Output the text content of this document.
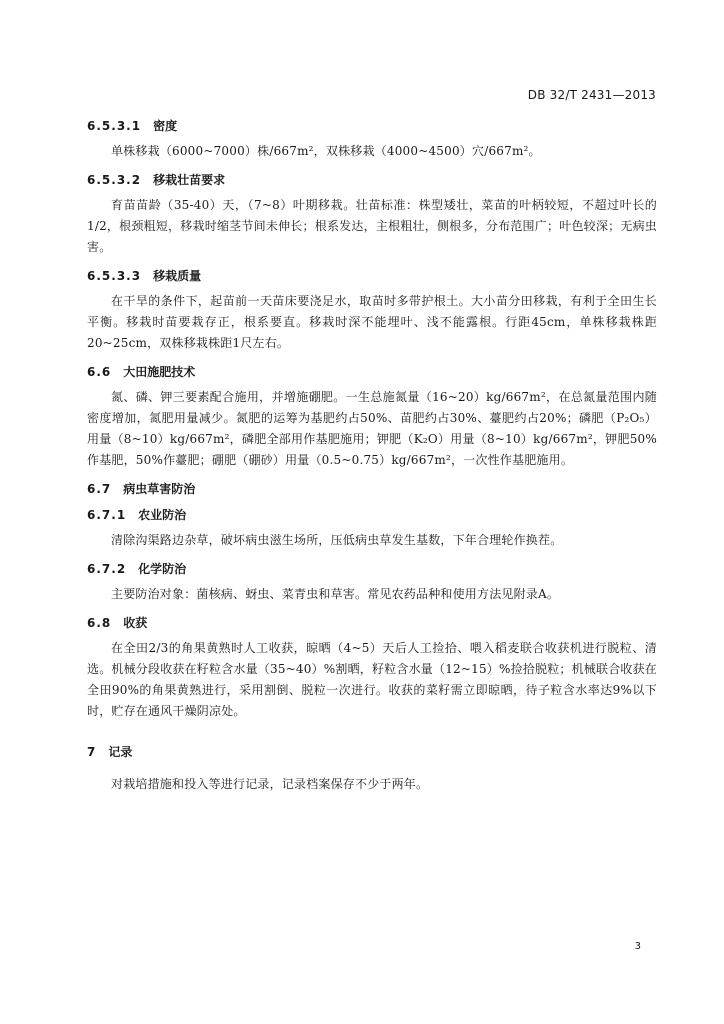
DB 32/T 2431—2013

6.5.3.1 密度

单株移栽（6000~7000）株/667m²，双株移栽（4000~4500）穴/667m²。

6.5.3.2 移栽壮苗要求

育苗苗龄（35-40）天，（7~8）叶期移栽。壮苗标准：株型矮壮，菜苗的叶柄较短，不超过叶长的1/2，根颈粗短，移栽时缩茎节间未伸长；根系发达，主根粗壮，侧根多，分布范围广；叶色较深；无病虫害。

6.5.3.3 移栽质量

在干旱的条件下，起苗前一天苗床要浇足水，取苗时多带护根土。大小苗分田移栽，有利于全田生长平衡。移栽时苗要栽存正，根系要直。移栽时深不能埋叶、浅不能露根。行距45cm，单株移栽株距20~25cm，双株移栽株距1尺左右。

6.6 大田施肥技术

氮、磷、钾三要素配合施用，并增施硼肥。一生总施氮量（16~20）kg/667m²，在总氮量范围内随密度增加，氮肥用量减少。氮肥的运筹为基肥约占50%、苗肥约占30%、薹肥约占20%；磷肥（P₂O₅）用量（8~10）kg/667m²，磷肥全部用作基肥施用；钾肥（K₂O）用量（8~10）kg/667m²，钾肥50%作基肥，50%作薹肥；硼肥（硼砂）用量（0.5~0.75）kg/667m²，一次性作基肥施用。

6.7 病虫草害防治

6.7.1 农业防治

清除沟渠路边杂草，破坏病虫滋生场所，压低病虫草发生基数，下年合理轮作换茬。

6.7.2 化学防治

主要防治对象：菌核病、蚜虫、菜青虫和草害。常见农药品种和使用方法见附录A。

6.8 收获

在全田2/3的角果黄熟时人工收获，晾晒（4~5）天后人工捡拾、喂入稻麦联合收获机进行脱粒、清选。机械分段收获在籽粒含水量（35~40）%割晒，籽粒含水量（12~15）%捡拾脱粒；机械联合收获在全田90%的角果黄熟进行，采用割倒、脱粒一次进行。收获的菜籽需立即晾晒，待子粒含水率达9%以下时，贮存在通风干燥阴凉处。

7 记录

对栽培措施和投入等进行记录，记录档案保存不少于两年。

3
